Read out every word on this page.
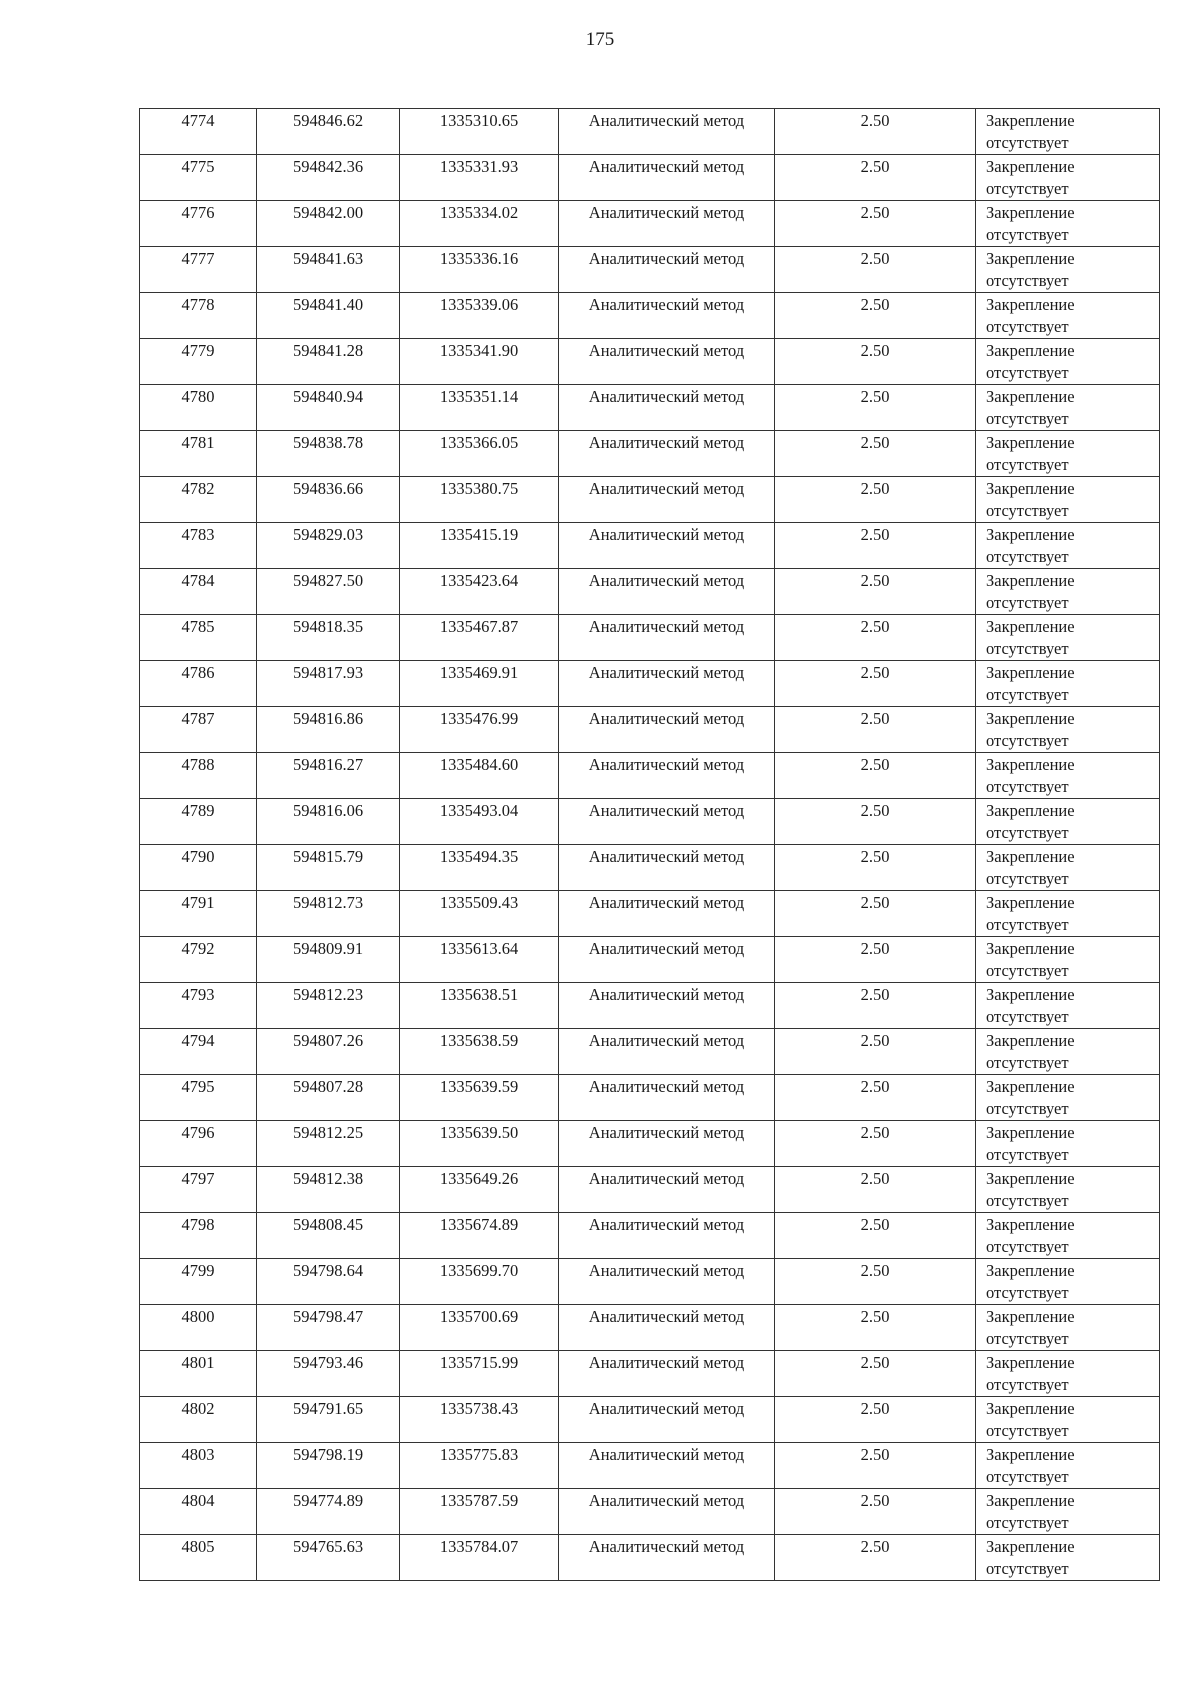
175
4774	594846.62	1335310.65	Аналитический метод	2.50	Закрепление
отсутствует
4775	594842.36	1335331.93	Аналитический метод	2.50	Закрепление
отсутствует
4776	594842.00	1335334.02	Аналитический метод	2.50	Закрепление
отсутствует
4777	594841.63	1335336.16	Аналитический метод	2.50	Закрепление
отсутствует
4778	594841.40	1335339.06	Аналитический метод	2.50	Закрепление
отсутствует
4779	594841.28	1335341.90	Аналитический метод	2.50	Закрепление
отсутствует
4780	594840.94	1335351.14	Аналитический метод	2.50	Закрепление
отсутствует
4781	594838.78	1335366.05	Аналитический метод	2.50	Закрепление
отсутствует
4782	594836.66	1335380.75	Аналитический метод	2.50	Закрепление
отсутствует
4783	594829.03	1335415.19	Аналитический метод	2.50	Закрепление
отсутствует
4784	594827.50	1335423.64	Аналитический метод	2.50	Закрепление
отсутствует
4785	594818.35	1335467.87	Аналитический метод	2.50	Закрепление
отсутствует
4786	594817.93	1335469.91	Аналитический метод	2.50	Закрепление
отсутствует
4787	594816.86	1335476.99	Аналитический метод	2.50	Закрепление
отсутствует
4788	594816.27	1335484.60	Аналитический метод	2.50	Закрепление
отсутствует
4789	594816.06	1335493.04	Аналитический метод	2.50	Закрепление
отсутствует
4790	594815.79	1335494.35	Аналитический метод	2.50	Закрепление
отсутствует
4791	594812.73	1335509.43	Аналитический метод	2.50	Закрепление
отсутствует
4792	594809.91	1335613.64	Аналитический метод	2.50	Закрепление
отсутствует
4793	594812.23	1335638.51	Аналитический метод	2.50	Закрепление
отсутствует
4794	594807.26	1335638.59	Аналитический метод	2.50	Закрепление
отсутствует
4795	594807.28	1335639.59	Аналитический метод	2.50	Закрепление
отсутствует
4796	594812.25	1335639.50	Аналитический метод	2.50	Закрепление
отсутствует
4797	594812.38	1335649.26	Аналитический метод	2.50	Закрепление
отсутствует
4798	594808.45	1335674.89	Аналитический метод	2.50	Закрепление
отсутствует
4799	594798.64	1335699.70	Аналитический метод	2.50	Закрепление
отсутствует
4800	594798.47	1335700.69	Аналитический метод	2.50	Закрепление
отсутствует
4801	594793.46	1335715.99	Аналитический метод	2.50	Закрепление
отсутствует
4802	594791.65	1335738.43	Аналитический метод	2.50	Закрепление
отсутствует
4803	594798.19	1335775.83	Аналитический метод	2.50	Закрепление
отсутствует
4804	594774.89	1335787.59	Аналитический метод	2.50	Закрепление
отсутствует
4805	594765.63	1335784.07	Аналитический метод	2.50	Закрепление
отсутствует
